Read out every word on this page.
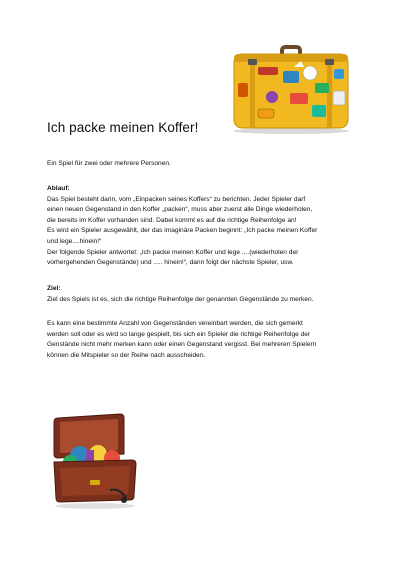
Ich packe meinen Koffer!

Ein Spiel für zwei oder mehrere Personen.

Ablauf:

Das Spiel besteht darin, vom „Einpacken seines Koffers“ zu berichten. Jeder Spieler darf

einen neuen Gegenstand in den Koffer „packen“, muss aber zuerst alle Dinge wiederholen,

die bereits im Koffer vorhanden sind. Dabei kommt es auf die richtige Reihenfolge an!

Es wird ein Spieler ausgewählt, der das imaginäre Packen beginnt: „Ich packe meinen Koffer

und lege....hinein!“

Der folgende Spieler antwortet: „Ich packe meinen Koffer und lege ....(wiederholen der

vorhergehenden Gegenstände) und ..... hinein!“, dann folgt der nächste Spieler, usw.

Ziel:

Ziel des Spiels ist es, sich die richtige Reihenfolge der genannten Gegenstände zu merken.

Es kann eine bestimmte Anzahl von Gegenständen vereinbart werden, die sich gemerkt

werden soll oder es wird so lange gespielt, bis sich ein Spieler die richtige Reihenfolge der

Genstände nicht mehr merken kann oder einen Gegenstand vergisst. Bei mehreren Spielern

können die Mitspieler so der Reihe nach ausscheiden.
